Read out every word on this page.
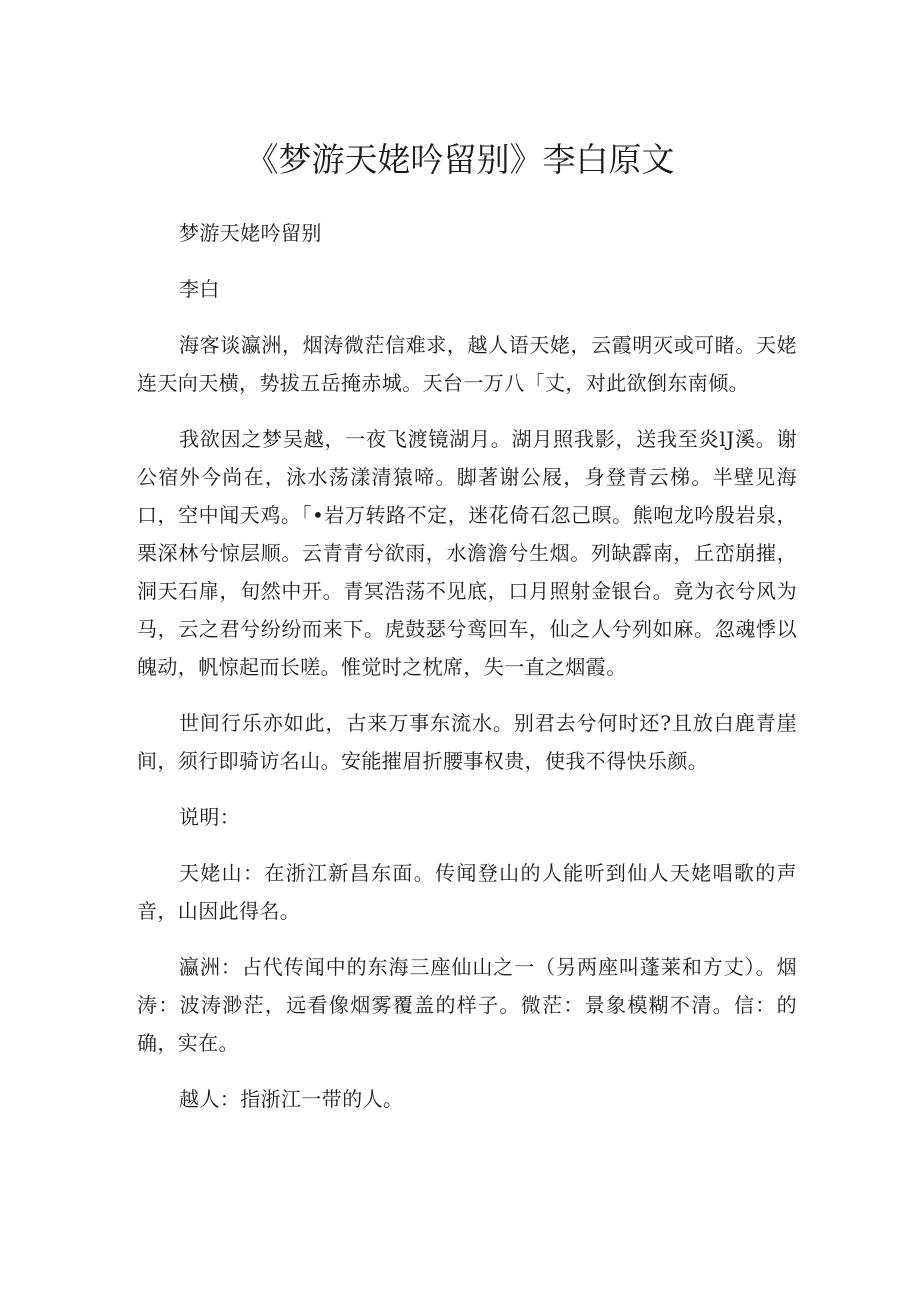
《梦游天姥吟留别》李白原文

梦游天姥吟留别

李白

海客谈瀛洲，烟涛微茫信难求，越人语天姥，云霞明灭或可睹。天姥连天向天横，势拔五岳掩赤城。天台一万八「丈，对此欲倒东南倾。

我欲因之梦吴越，一夜飞渡镜湖月。湖月照我影，送我至炎lJ溪。谢公宿外今尚在，泳水荡漾清猿啼。脚著谢公屐，身登青云梯。半壁见海口，空中闻天鸡。「•岩万转路不定，迷花倚石忽己暝。熊咆龙吟殷岩泉，栗深林兮惊层顺。云青青兮欲雨，水澹澹兮生烟。列缺霹南，丘峦崩摧，洞天石扉，旬然中开。青冥浩荡不见底，口月照射金银台。竟为衣兮风为马，云之君兮纷纷而来下。虎鼓瑟兮鸾回车，仙之人兮列如麻。忽魂悸以魄动，帆惊起而长嗟。惟觉时之枕席，失一直之烟霞。

世间行乐亦如此，古来万事东流水。别君去兮何时还?且放白鹿青崖间，须行即骑访名山。安能摧眉折腰事权贵，使我不得快乐颜。

说明：

天姥山：在浙江新昌东面。传闻登山的人能听到仙人天姥唱歌的声音，山因此得名。

瀛洲：占代传闻中的东海三座仙山之一（另两座叫蓬莱和方丈）。烟涛：波涛渺茫，远看像烟雾覆盖的样子。微茫：景象模糊不清。信：的确，实在。

越人：指浙江一带的人。
